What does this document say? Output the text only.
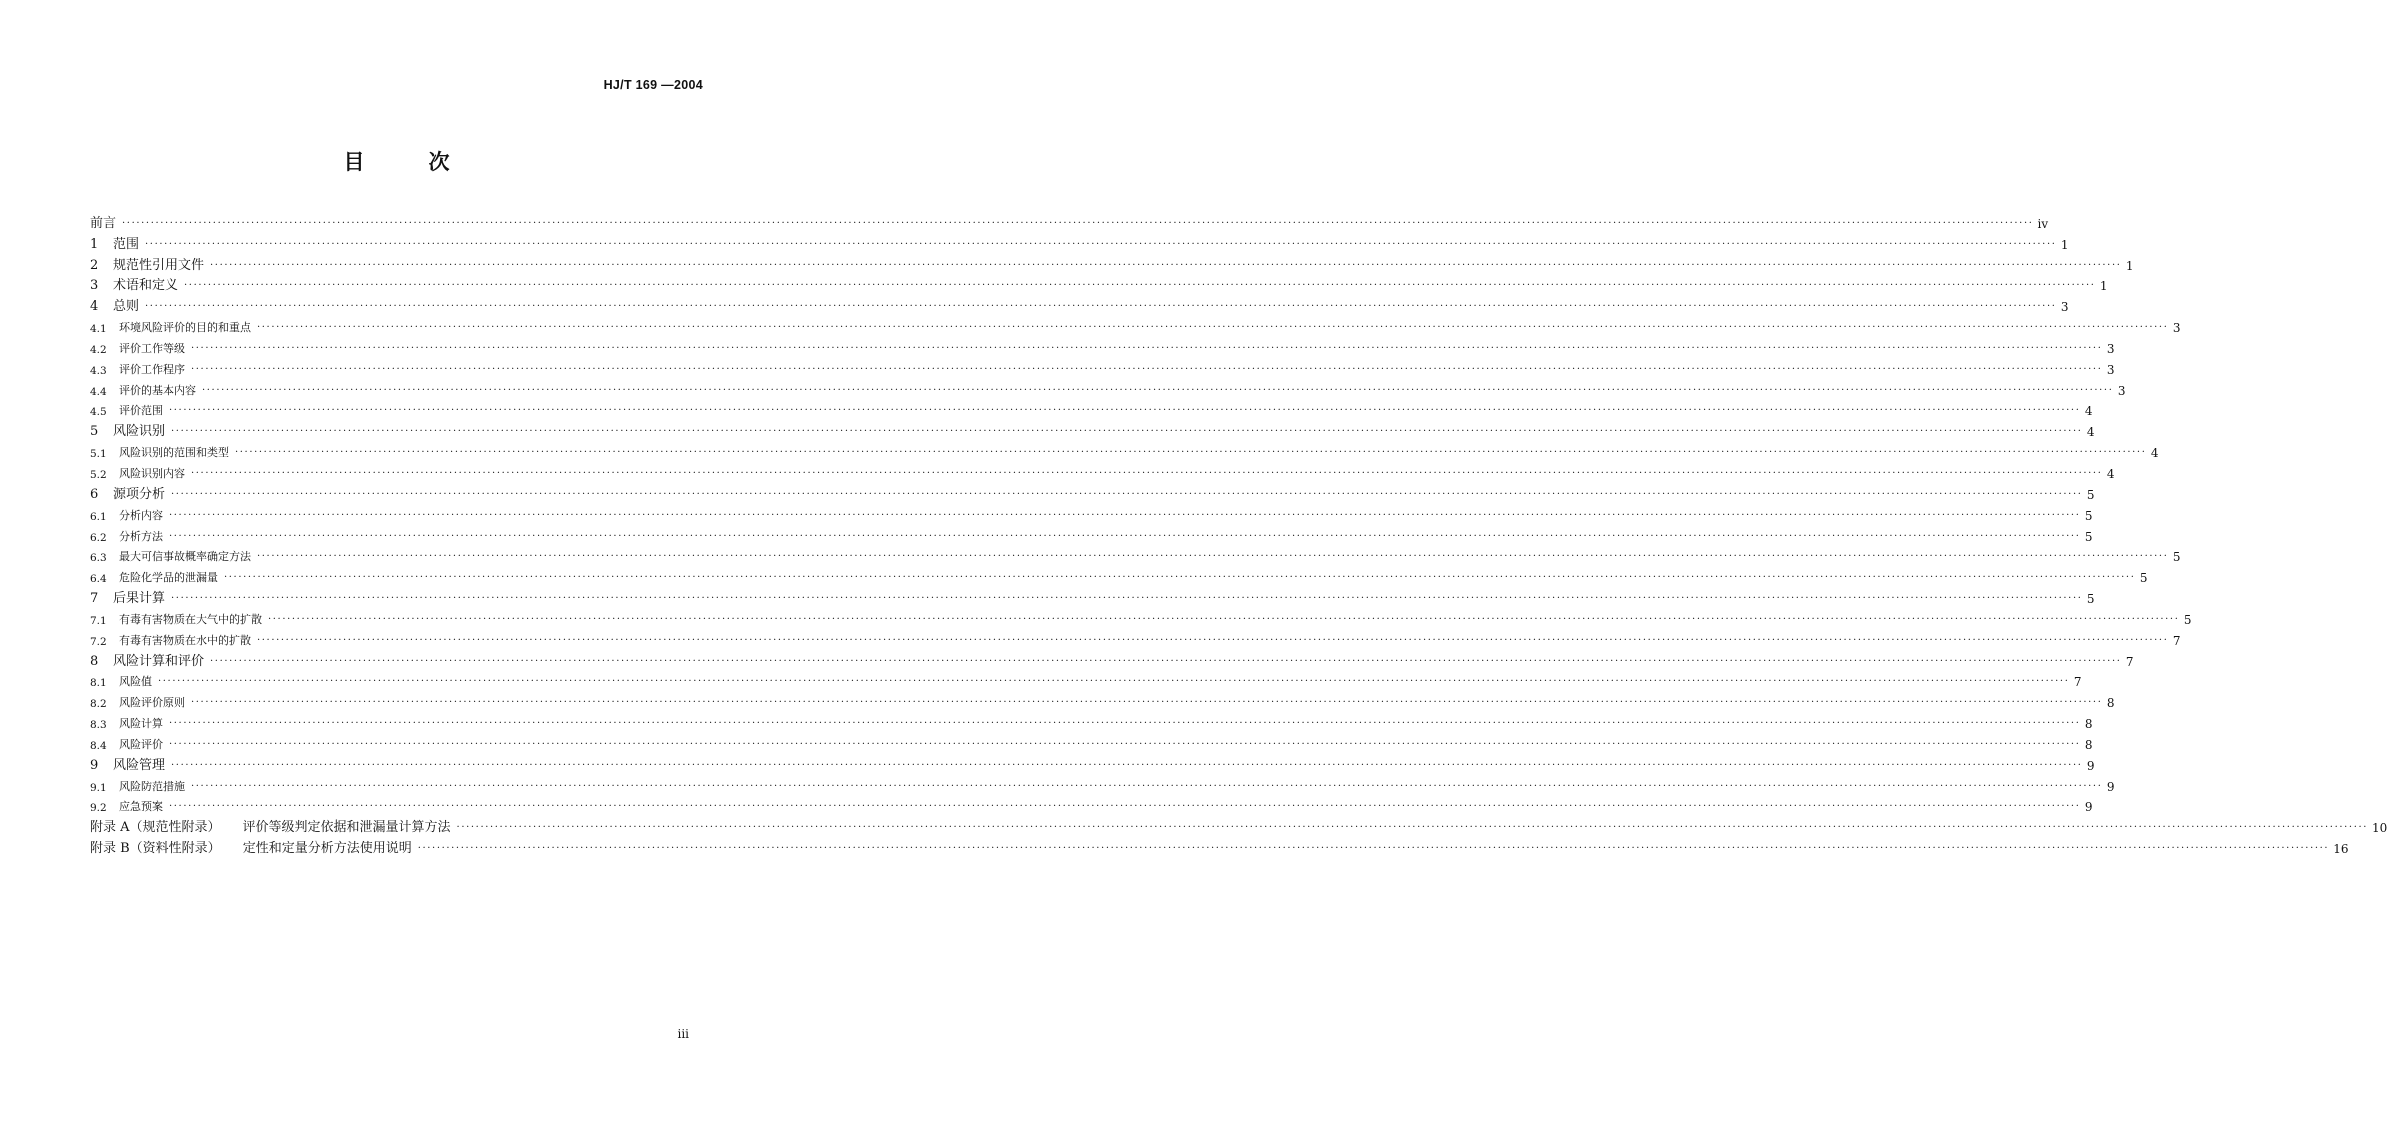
HJ/T 169 —2004
目	次
前言 ················································································································································································································································································································································································································ ⅳ
1	范围 ················································································································································································································································································································································································································ 1
2	规范性引用文件 ················································································································································································································································································································································································································ 1
3	术语和定义 ················································································································································································································································································································································································································ 1
4	总则 ················································································································································································································································································································································································································ 3
4.1	环境风险评价的目的和重点 ················································································································································································································································································································································································································ 3
4.2	评价工作等级 ················································································································································································································································································································································································································ 3
4.3	评价工作程序 ················································································································································································································································································································································································································ 3
4.4	评价的基本内容 ················································································································································································································································································································································································································ 3
4.5	评价范围 ················································································································································································································································································································································································································ 4
5	风险识别 ················································································································································································································································································································································································································ 4
5.1	风险识别的范围和类型 ················································································································································································································································································································································································································ 4
5.2	风险识别内容 ················································································································································································································································································································································································································ 4
6	源项分析 ················································································································································································································································································································································································································ 5
6.1	分析内容 ················································································································································································································································································································································································································ 5
6.2	分析方法 ················································································································································································································································································································································································································ 5
6.3	最大可信事故概率确定方法 ················································································································································································································································································································································································································ 5
6.4	危险化学品的泄漏量 ················································································································································································································································································································································································································ 5
7	后果计算 ················································································································································································································································································································································································································ 5
7.1	有毒有害物质在大气中的扩散 ················································································································································································································································································································································································································ 5
7.2	有毒有害物质在水中的扩散 ················································································································································································································································································································································································································ 7
8	风险计算和评价 ················································································································································································································································································································································································································ 7
8.1	风险值 ················································································································································································································································································································································································································ 7
8.2	风险评价原则 ················································································································································································································································································································································································································ 8
8.3	风险计算 ················································································································································································································································································································································································································ 8
8.4	风险评价 ················································································································································································································································································································································································································ 8
9	风险管理 ················································································································································································································································································································································································································ 9
9.1	风险防范措施 ················································································································································································································································································································································································································ 9
9.2	应急预案 ················································································································································································································································································································································································································ 9
附录 A（规范性附录） 评价等级判定依据和泄漏量计算方法 ················································································································································································································································································································································································································ 10
附录 B（资料性附录） 定性和定量分析方法使用说明 ················································································································································································································································································································································································································ 16
iii
